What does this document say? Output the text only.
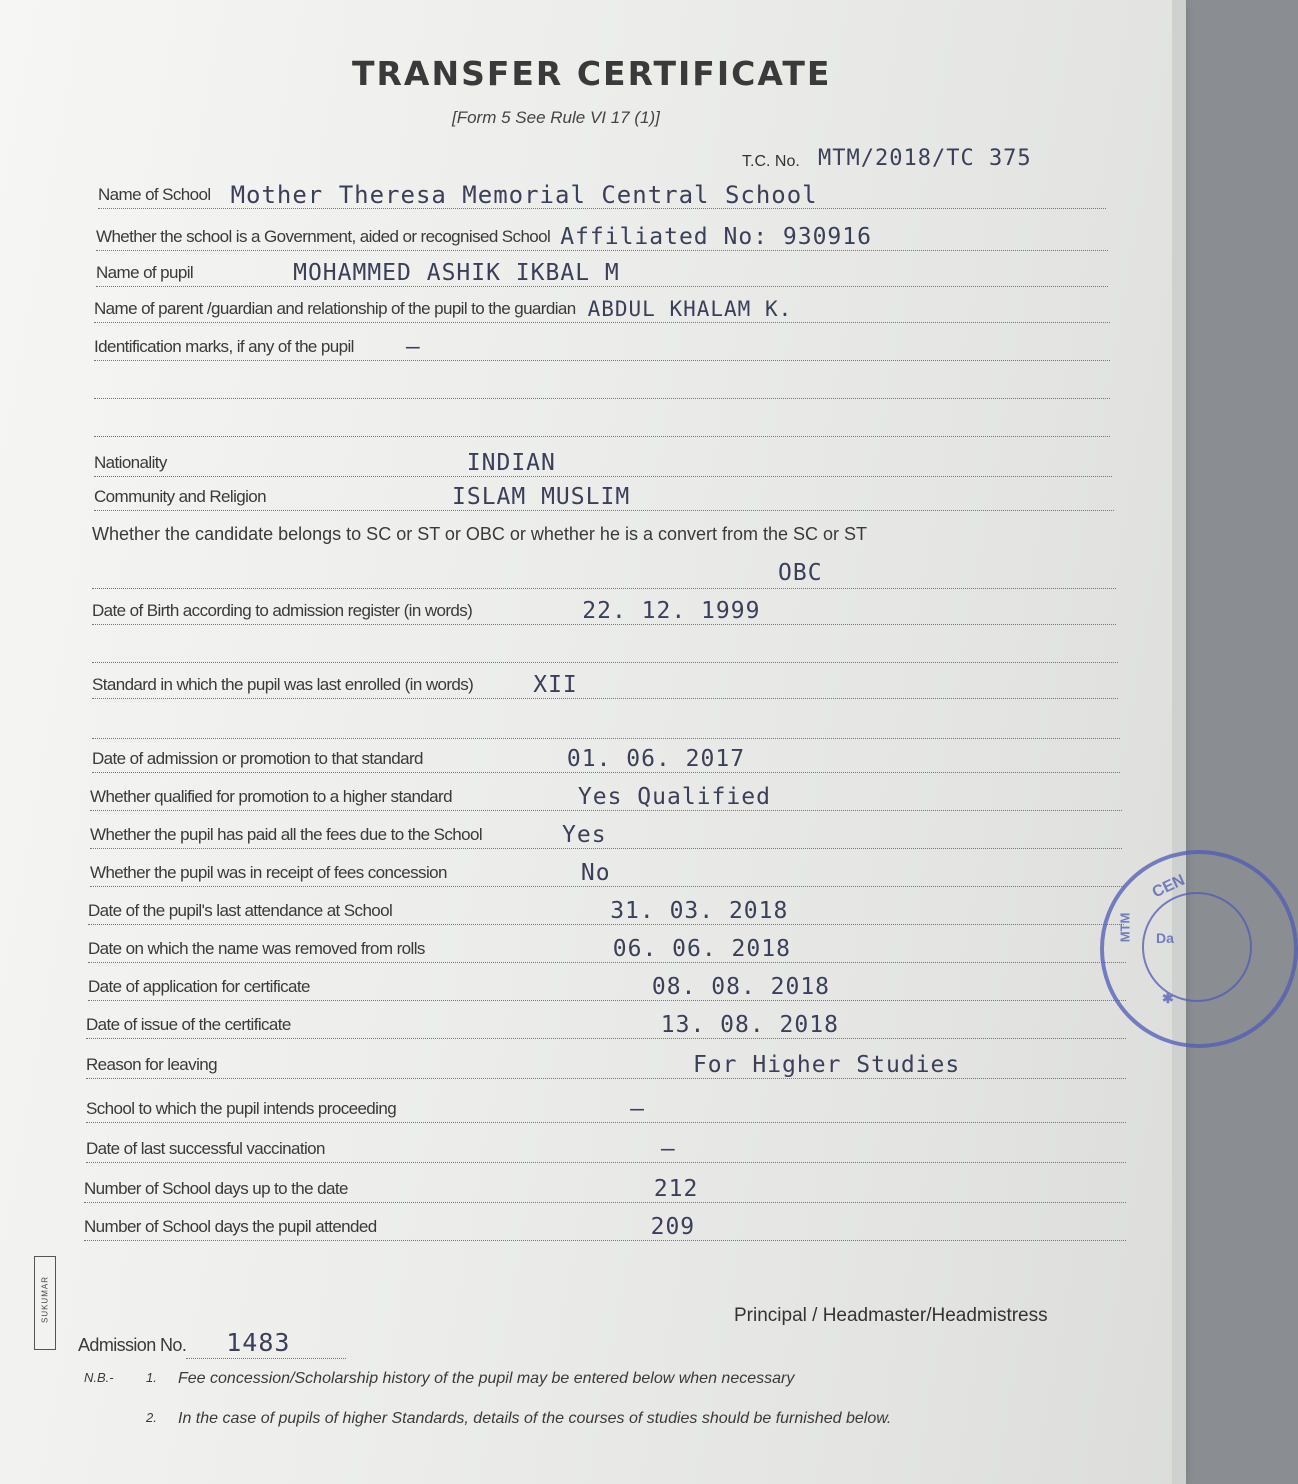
TRANSFER CERTIFICATE
[Form 5 See Rule VI 17 (1)]
T.C. No. MTM/2018/TC 375
Name of School Mother Theresa Memorial Central School
Whether the school is a Government, aided or recognised School Affiliated No: 930916
Name of pupil	MOHAMMED ASHIK IKBAL M
Name of parent /guardian and relationship of the pupil to the guardian ABDUL KHALAM K.
Identification marks, if any of the pupil —
Nationality	INDIAN
Community and Religion	ISLAM MUSLIM
Whether the candidate belongs to SC or ST or OBC or whether he is a convert from the SC or ST
OBC
Date of Birth according to admission register (in words)	22. 12. 1999
Standard in which the pupil was last enrolled (in words)	XII
Date of admission or promotion to that standard	01. 06. 2017
Whether qualified for promotion to a higher standard	Yes Qualified
Whether the pupil has paid all the fees due to the School	Yes
Whether the pupil was in receipt of fees concession	No
Date of the pupil's last attendance at School	31. 03. 2018
Date on which the name was removed from rolls	06. 06. 2018
Date of application for certificate	08. 08. 2018
Date of issue of the certificate	13. 08. 2018
Reason for leaving	For Higher Studies
School to which the pupil intends proceeding	—
Date of last successful vaccination	—
Number of School days up to the date	212
Number of School days the pupil attended	209
Principal / Headmaster/Headmistress
Admission No. 1483
N.B.- 1. Fee concession/Scholarship history of the pupil may be entered below when necessary
2. In the case of pupils of higher Standards, details of the courses of studies should be furnished below.
CEN
MTM Da
✱
SUKUMAR
